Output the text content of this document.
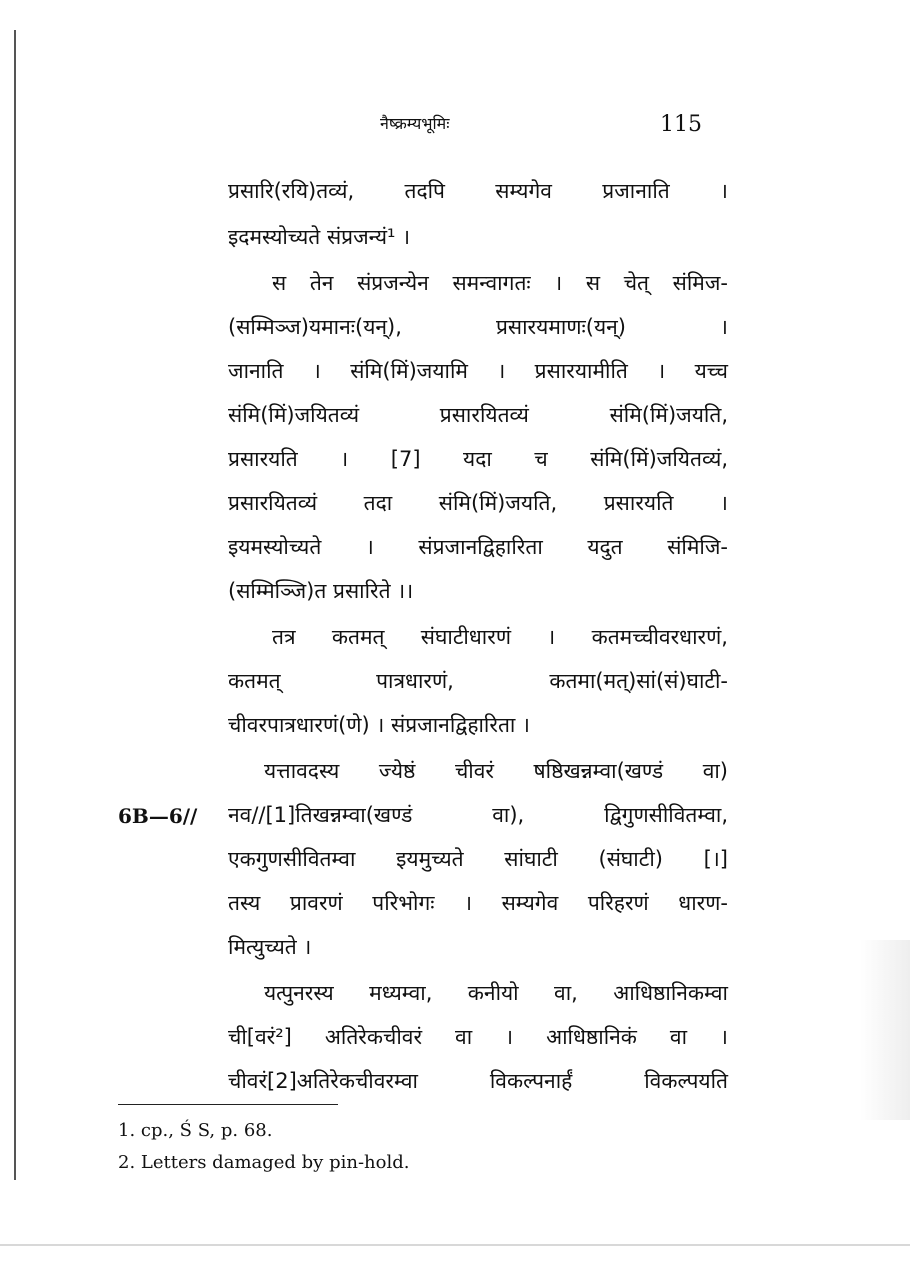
नैष्क्रम्यभूमिः	115
प्रसारि(रयि)तव्यं, तदपि सम्यगेव प्रजानाति ।
इदमस्योच्यते संप्रजन्यं¹ ।
स तेन संप्रजन्येन समन्वागतः । स चेत् संमिज-
(सम्मिञ्ज)यमानः(यन्), प्रसारयमाणः(यन्) ।
जानाति । संमि(मिं)जयामि । प्रसारयामीति । यच्च
संमि(मिं)जयितव्यं प्रसारयितव्यं संमि(मिं)जयति,
प्रसारयति । [7] यदा च संमि(मिं)जयितव्यं,
प्रसारयितव्यं तदा संमि(मिं)जयति, प्रसारयति ।
इयमस्योच्यते । संप्रजानद्विहारिता यदुत संमिजि-
(सम्मिञ्जि)त प्रसारिते ।।
तत्र कतमत् संघाटीधारणं । कतमच्चीवरधारणं,
कतमत् पात्रधारणं, कतमा(मत्)सां(सं)घाटी-
चीवरपात्रधारणं(णे) । संप्रजानद्विहारिता ।
यत्तावदस्य ज्येष्ठं चीवरं षष्ठिखन्नम्वा(खण्डं वा)
6B—6// नव//[1]तिखन्नम्वा(खण्डं वा), द्विगुणसीवितम्वा,
एकगुणसीवितम्वा इयमुच्यते सांघाटी (संघाटी) [।]
तस्य प्रावरणं परिभोगः । सम्यगेव परिहरणं धारण-
मित्युच्यते ।
यत्पुनरस्य मध्यम्वा, कनीयो वा, आधिष्ठानिकम्वा
ची[वरं²] अतिरेकचीवरं वा । आधिष्ठानिकं वा ।
चीवरं[2]अतिरेकचीवरम्वा विकल्पनार्हं विकल्पयति
1. cp., Ś S, p. 68.
2. Letters damaged by pin-hold.
